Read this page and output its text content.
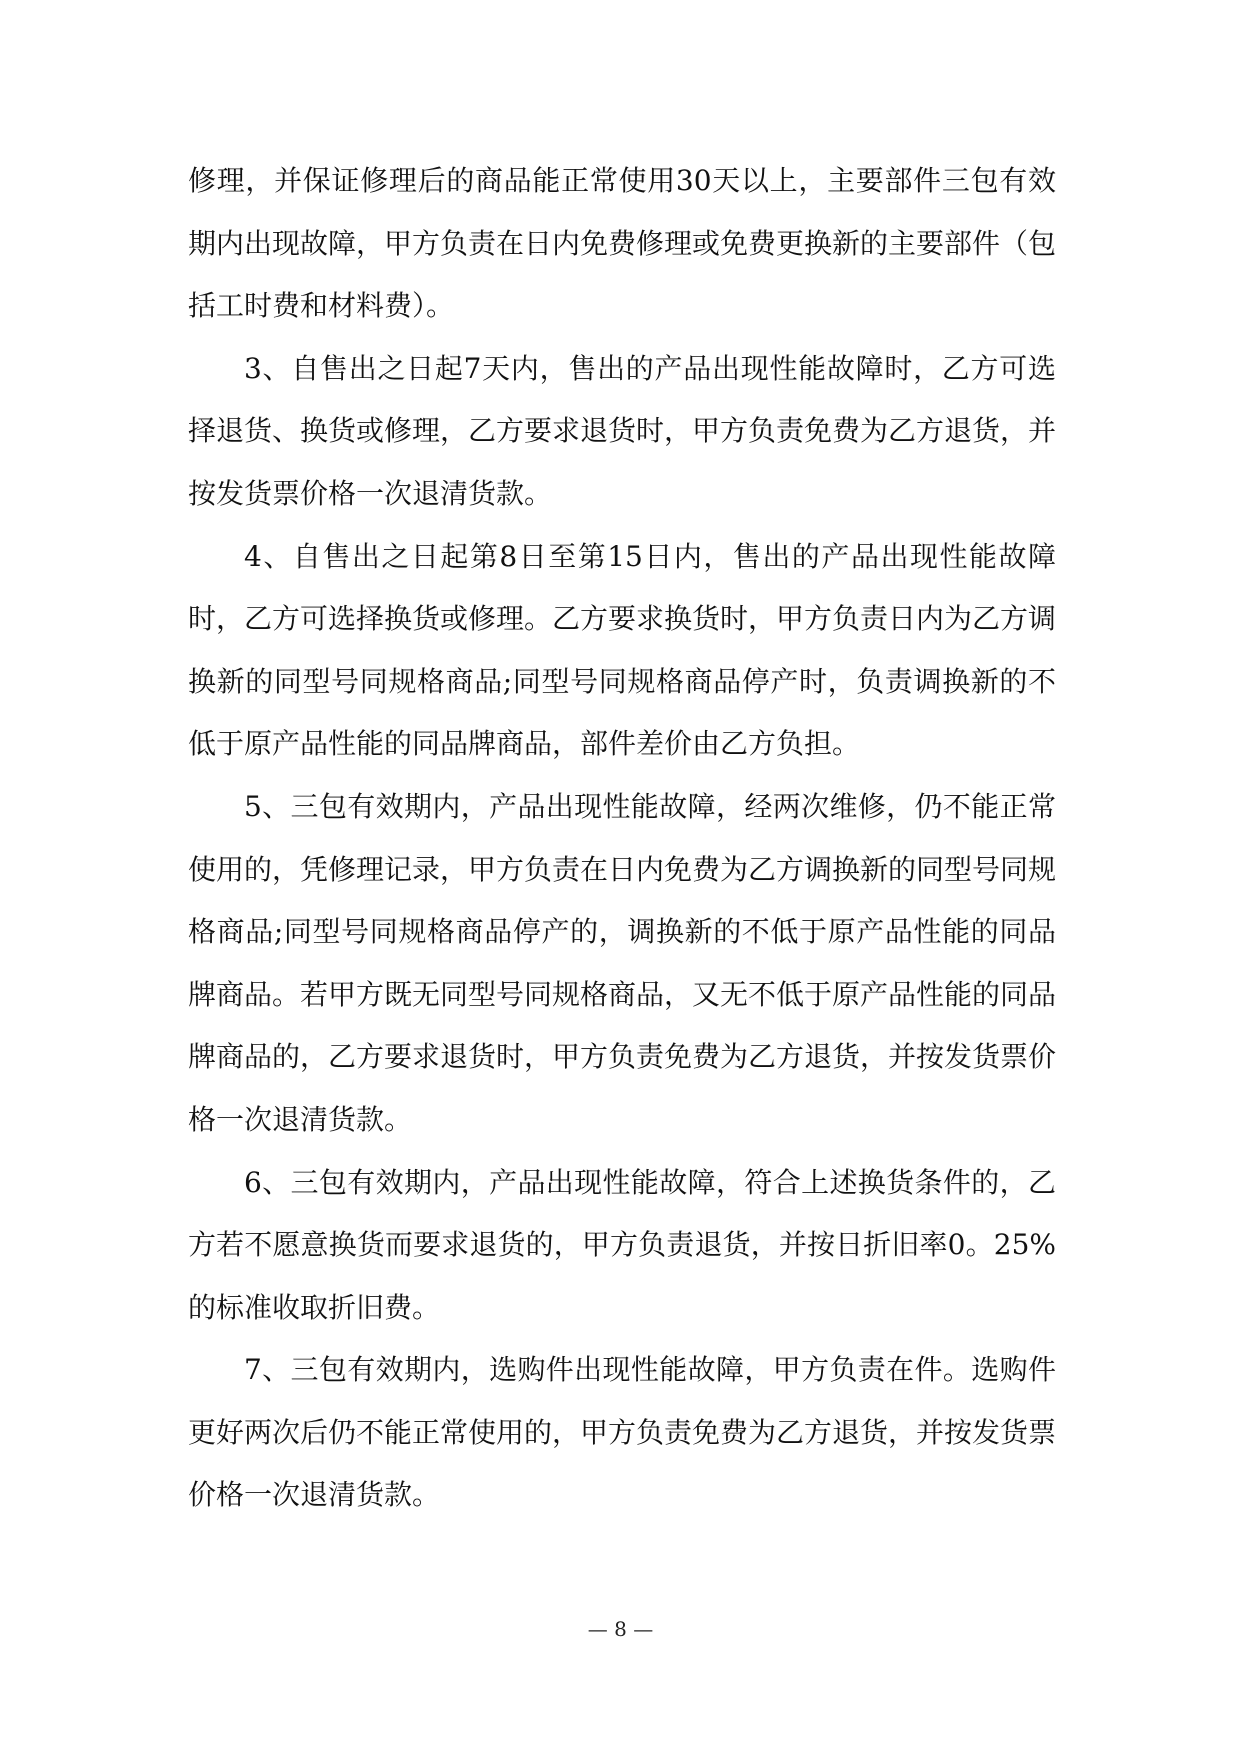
修理，并保证修理后的商品能正常使用30天以上，主要部件三包有效期内出现故障，甲方负责在日内免费修理或免费更换新的主要部件（包括工时费和材料费）。

3、自售出之日起7天内，售出的产品出现性能故障时，乙方可选择退货、换货或修理，乙方要求退货时，甲方负责免费为乙方退货，并按发货票价格一次退清货款。

4、自售出之日起第8日至第15日内，售出的产品出现性能故障时，乙方可选择换货或修理。乙方要求换货时，甲方负责日内为乙方调换新的同型号同规格商品;同型号同规格商品停产时，负责调换新的不低于原产品性能的同品牌商品，部件差价由乙方负担。

5、三包有效期内，产品出现性能故障，经两次维修，仍不能正常使用的，凭修理记录，甲方负责在日内免费为乙方调换新的同型号同规格商品;同型号同规格商品停产的，调换新的不低于原产品性能的同品牌商品。若甲方既无同型号同规格商品，又无不低于原产品性能的同品牌商品的，乙方要求退货时，甲方负责免费为乙方退货，并按发货票价格一次退清货款。

6、三包有效期内，产品出现性能故障，符合上述换货条件的，乙方若不愿意换货而要求退货的，甲方负责退货，并按日折旧率0。25%的标准收取折旧费。

7、三包有效期内，选购件出现性能故障，甲方负责在件。选购件更好两次后仍不能正常使用的，甲方负责免费为乙方退货，并按发货票价格一次退清货款。

— 8 —
